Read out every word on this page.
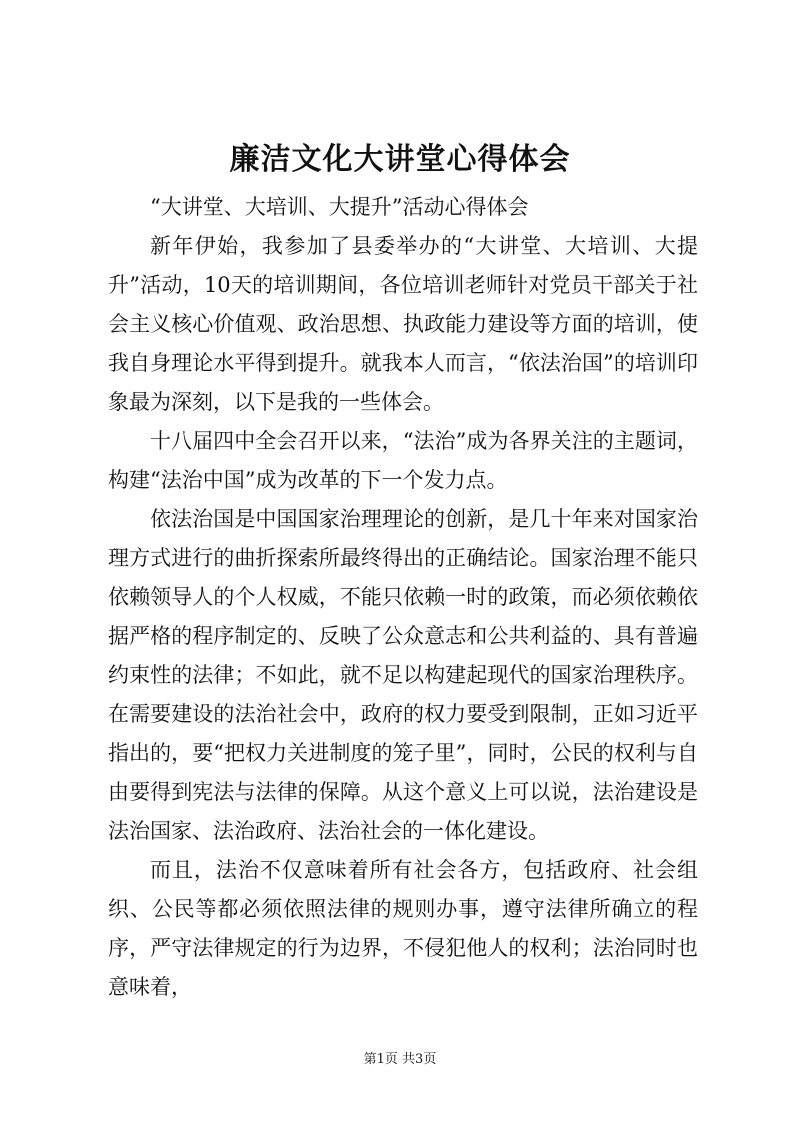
廉洁文化大讲堂心得体会

“大讲堂、大培训、大提升”活动心得体会

新年伊始，我参加了县委举办的“大讲堂、大培训、大提升”活动，10天的培训期间，各位培训老师针对党员干部关于社会主义核心价值观、政治思想、执政能力建设等方面的培训，使我自身理论水平得到提升。就我本人而言，“依法治国”的培训印象最为深刻，以下是我的一些体会。

十八届四中全会召开以来，“法治”成为各界关注的主题词，构建“法治中国”成为改革的下一个发力点。

依法治国是中国国家治理理论的创新，是几十年来对国家治理方式进行的曲折探索所最终得出的正确结论。国家治理不能只依赖领导人的个人权威，不能只依赖一时的政策，而必须依赖依据严格的程序制定的、反映了公众意志和公共利益的、具有普遍约束性的法律；不如此，就不足以构建起现代的国家治理秩序。在需要建设的法治社会中，政府的权力要受到限制，正如习近平指出的，要“把权力关进制度的笼子里”，同时，公民的权利与自由要得到宪法与法律的保障。从这个意义上可以说，法治建设是法治国家、法治政府、法治社会的一体化建设。

而且，法治不仅意味着所有社会各方，包括政府、社会组织、公民等都必须依照法律的规则办事，遵守法律所确立的程序，严守法律规定的行为边界，不侵犯他人的权利；法治同时也意味着，

第1页 共3页
